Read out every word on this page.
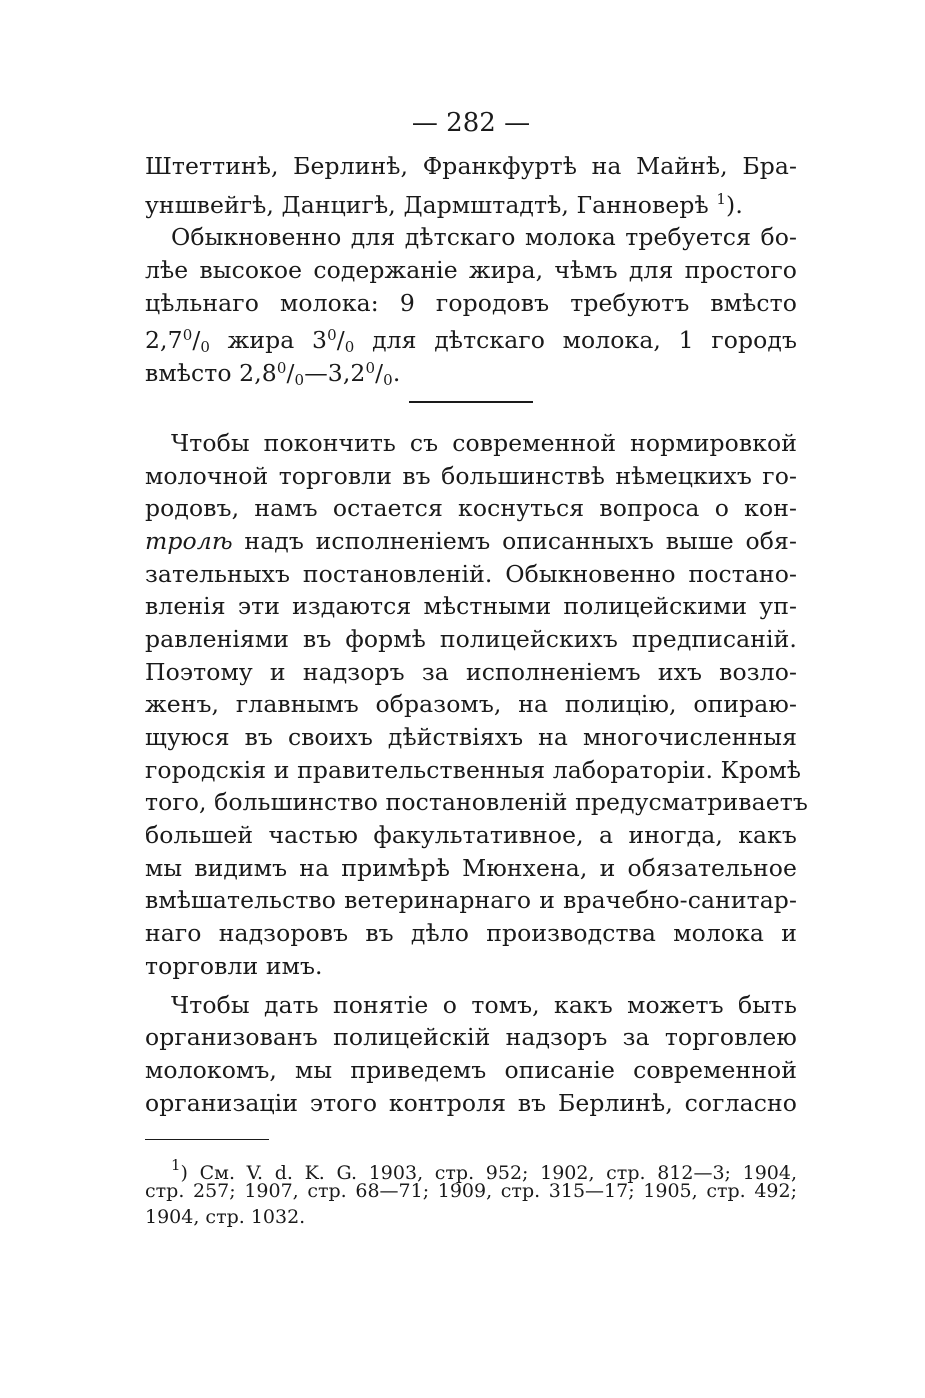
— 282 —
Штеттинѣ, Берлинѣ, Франкфуртѣ на Майнѣ, Бра-
уншвейгѣ, Данцигѣ, Дармштадтѣ, Ганноверѣ $^1$).
Обыкновенно для дѣтскаго молока требуется бо-
лѣе высокое содержаніе жира, чѣмъ для простого
цѣльнаго молока: 9 городовъ требуютъ вмѣсто
$2,7^0/_0$ жира $3^0/_0$ для дѣтскаго молока, 1 городъ
вмѣсто $2,8^0/_0—3,2^0/_0$.
Чтобы покончить съ современной нормировкой
молочной торговли въ большинствѣ нѣмецкихъ го-
родовъ, намъ остается коснуться вопроса о кон-
тролѣ надъ исполненіемъ описанныхъ выше обя-
зательныхъ постановленій. Обыкновенно постано-
вленія эти издаются мѣстными полицейскими уп-
равленіями въ формѣ полицейскихъ предписаній.
Поэтому и надзоръ за исполненіемъ ихъ возло-
женъ, главнымъ образомъ, на полицію, опираю-
щуюся въ своихъ дѣйствіяхъ на многочисленныя
городскія и правительственныя лабораторіи. Кромѣ
того, большинство постановленій предусматриваетъ
большей частью факультативное, а иногда, какъ
мы видимъ на примѣрѣ Мюнхена, и обязательное
вмѣшательство ветеринарнаго и врачебно-санитар-
наго надзоровъ въ дѣло производства молока и
торговли имъ.
Чтобы дать понятіе о томъ, какъ можетъ быть
организованъ полицейскій надзоръ за торговлею
молокомъ, мы приведемъ описаніе современной
организаціи этого контроля въ Берлинѣ, согласно
$^1$) См. V. d. K. G. 1903, стр. 952; 1902, стр. 812—3; 1904,
стр. 257; 1907, стр. 68—71; 1909, стр. 315—17; 1905, стр. 492;
1904, стр. 1032.
